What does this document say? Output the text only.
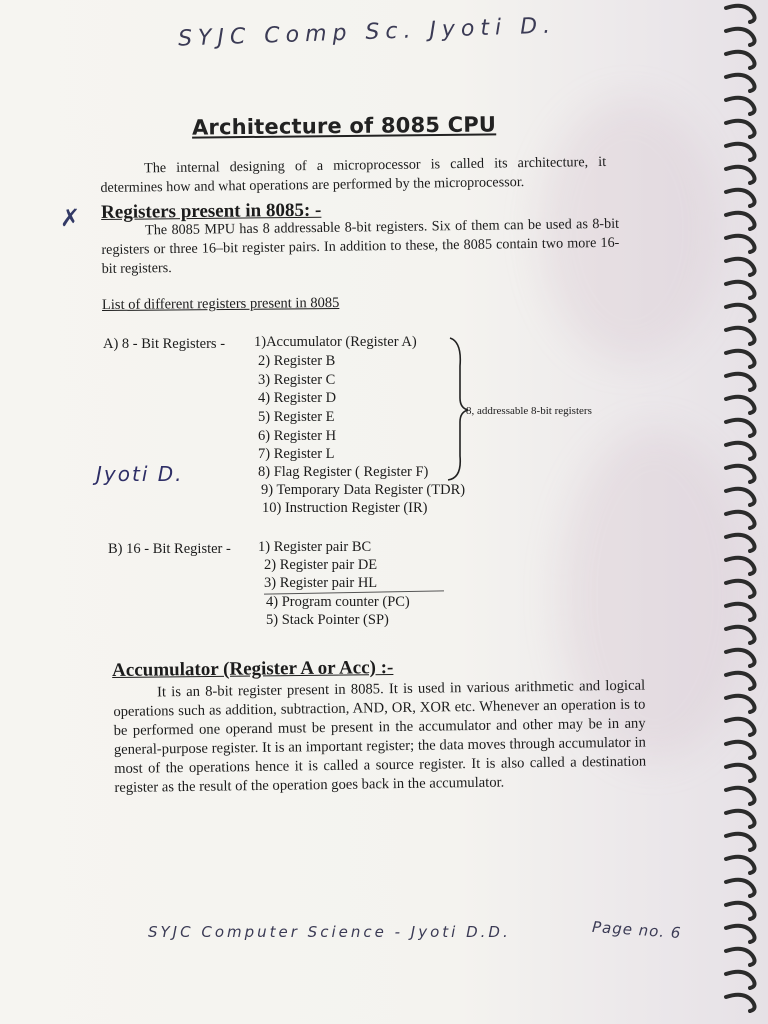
SYJC Comp Sc. Jyoti D.
Architecture of 8085 CPU
The internal designing of a microprocessor is called its architecture, it determines how and what operations are performed by the microprocessor.
✗ Registers present in 8085: -
The 8085 MPU has 8 addressable 8-bit registers. Six of them can be used as 8-bit registers or three 16–bit register pairs. In addition to these, the 8085 contain two more 16-bit registers.
List of different registers present in 8085
A) 8 - Bit Registers - 1)Accumulator (Register A)
2) Register B
3) Register C
4) Register D
5) Register E
6) Register H
7) Register L
8) Flag Register ( Register F)
9) Temporary Data Register (TDR)
10) Instruction Register (IR)
8, addressable 8-bit registers
Jyoti D.
B) 16 - Bit Register - 1) Register pair BC
2) Register pair DE
3) Register pair HL
4) Program counter (PC)
5) Stack Pointer (SP)
Accumulator (Register A or Acc) :-
It is an 8-bit register present in 8085. It is used in various arithmetic and logical operations such as addition, subtraction, AND, OR, XOR etc. Whenever an operation is to be performed one operand must be present in the accumulator and other may be in any general-purpose register. It is an important register; the data moves through accumulator in most of the operations hence it is called a source register. It is also called a destination register as the result of the operation goes back in the accumulator.
SYJC Computer Science - Jyoti D.D.	Page no. 6
